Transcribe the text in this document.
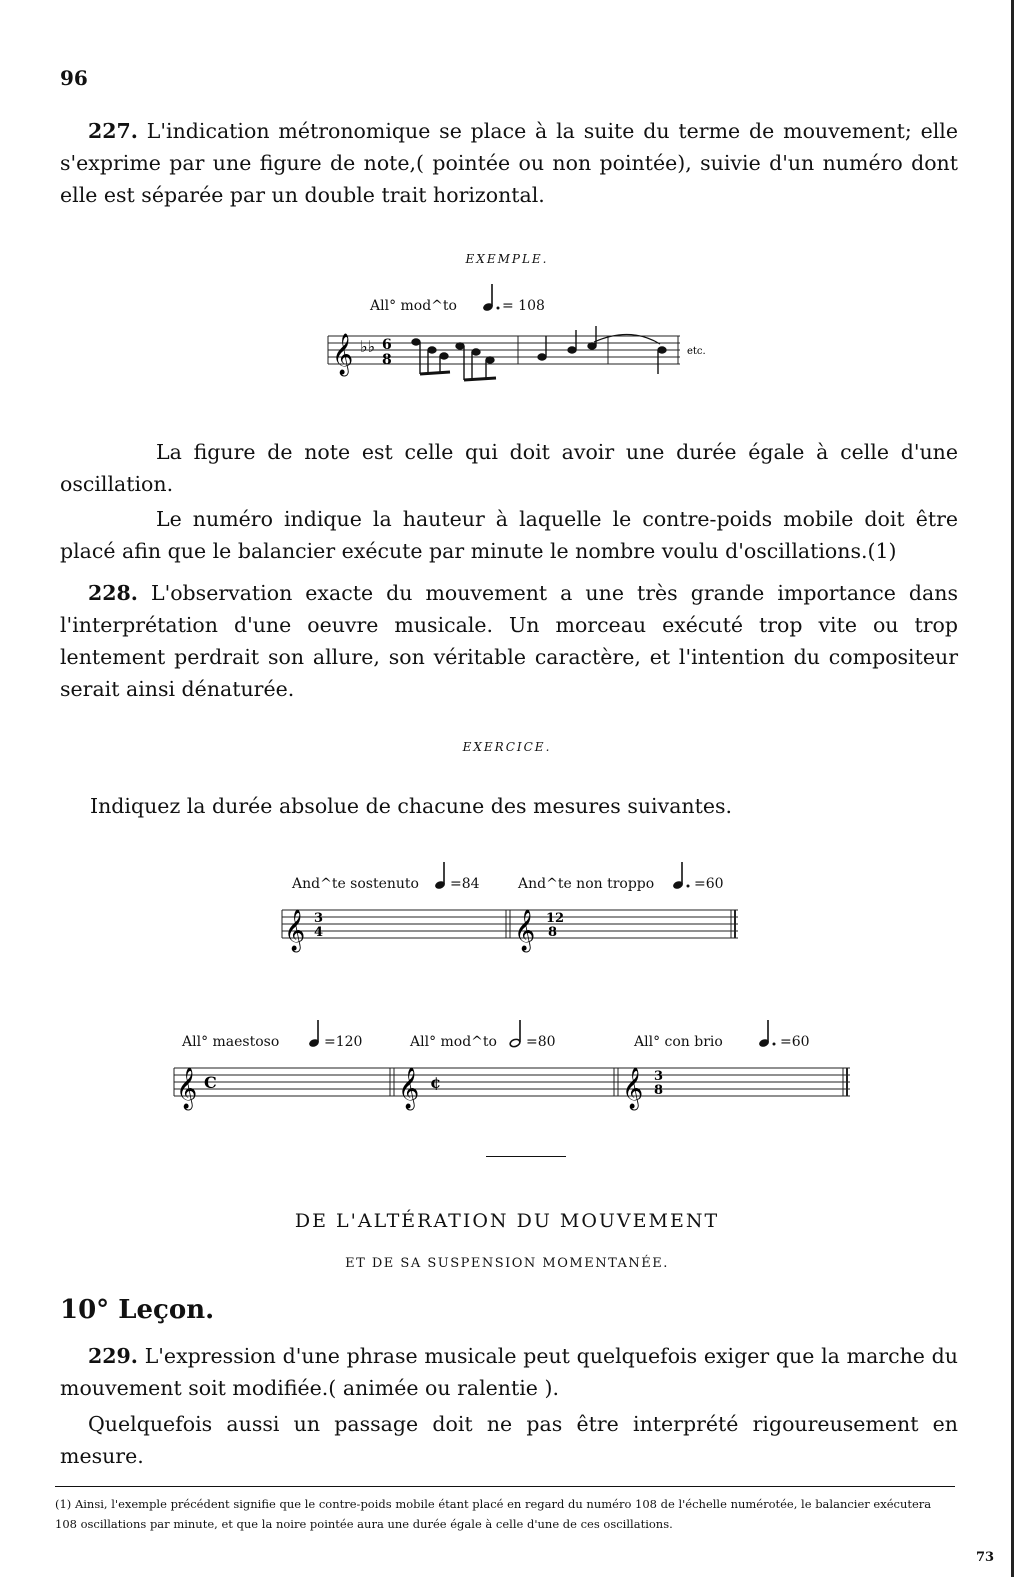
96
227. L'indication métronomique se place à la suite du terme de mouvement; elle s'exprime par une figure de note,( pointée ou non pointée), suivie d'un numéro dont elle est séparée par un double trait horizontal.
EXEMPLE.
All° mod^to	= 108
𝄞 ♭♭ 6
8
etc.
La figure de note est celle qui doit avoir une durée égale à celle d'une oscillation.
Le numéro indique la hauteur à laquelle le contre-poids mobile doit être placé afin que le balancier exécute par minute le nombre voulu d'oscillations.(1)
228. L'observation exacte du mouvement a une très grande importance dans l'interprétation d'une oeuvre musicale. Un morceau exécuté trop vite ou trop lentement perdrait son allure, son véritable caractère, et l'intention du compositeur serait ainsi dénaturée.
EXERCICE.
Indiquez la durée absolue de chacune des mesures suivantes.
And^te sostenuto =84	And^te non troppo	=60
𝄞 3
4	𝄞 12
8
All° maestoso	=120	All° mod^to =80	All° con brio	=60
𝄞 C	𝄞 ¢	𝄞 3
8
DE L'ALTÉRATION DU MOUVEMENT
ET DE SA SUSPENSION MOMENTANÉE.
10° Leçon.
229. L'expression d'une phrase musicale peut quelquefois exiger que la marche du mouvement soit modifiée.( animée ou ralentie ).
Quelquefois aussi un passage doit ne pas être interprété rigoureusement en mesure.
(1) Ainsi, l'exemple précédent signifie que le contre-poids mobile étant placé en regard du numéro 108 de l'échelle numérotée, le balancier exécutera 108 oscillations par minute, et que la noire pointée aura une durée égale à celle d'une de ces oscillations.
73
